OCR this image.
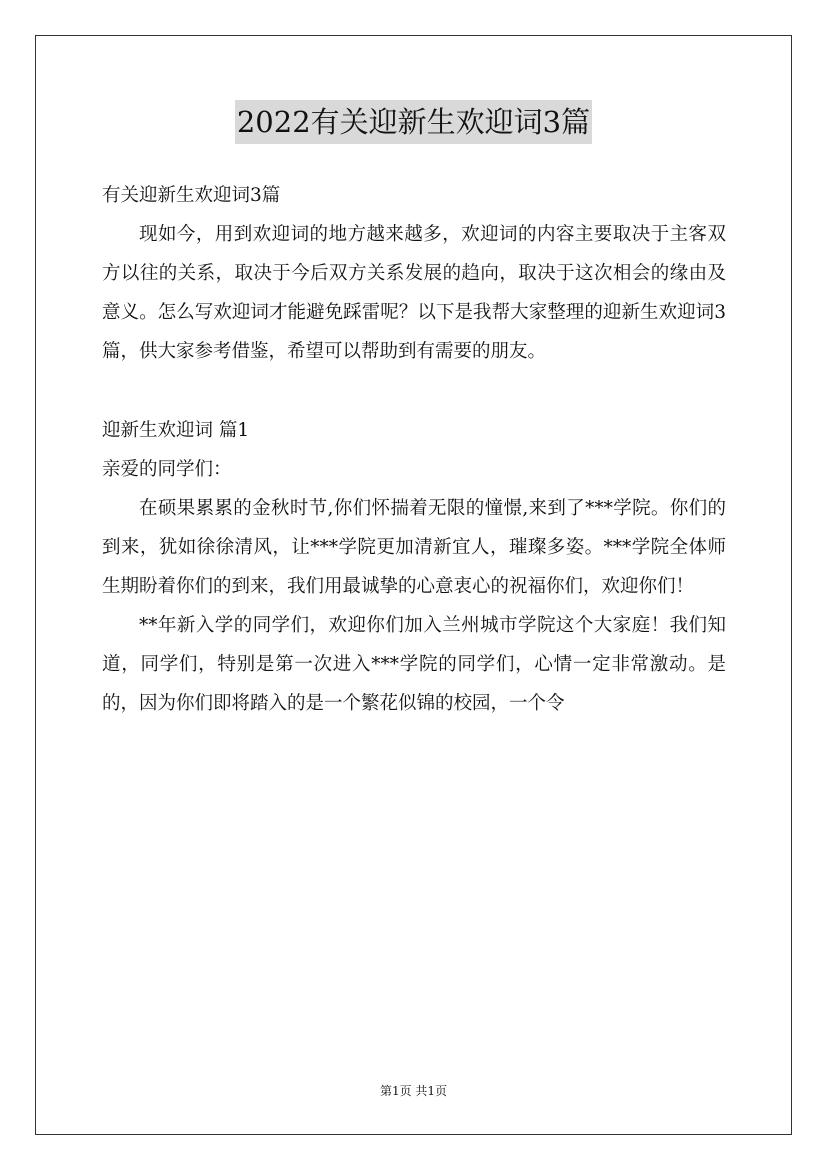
2022有关迎新生欢迎词3篇

有关迎新生欢迎词3篇

现如今，用到欢迎词的地方越来越多，欢迎词的内容主要取决于主客双方以往的关系，取决于今后双方关系发展的趋向，取决于这次相会的缘由及意义。怎么写欢迎词才能避免踩雷呢？以下是我帮大家整理的迎新生欢迎词3篇，供大家参考借鉴，希望可以帮助到有需要的朋友。

迎新生欢迎词 篇1

亲爱的同学们：

在硕果累累的金秋时节,你们怀揣着无限的憧憬,来到了***学院。你们的到来，犹如徐徐清风，让***学院更加清新宜人，璀璨多姿。***学院全体师生期盼着你们的到来，我们用最诚挚的心意衷心的祝福你们，欢迎你们！

**年新入学的同学们，欢迎你们加入兰州城市学院这个大家庭！我们知道，同学们，特别是第一次进入***学院的同学们，心情一定非常激动。是的，因为你们即将踏入的是一个繁花似锦的校园，一个令

第1页 共1页
